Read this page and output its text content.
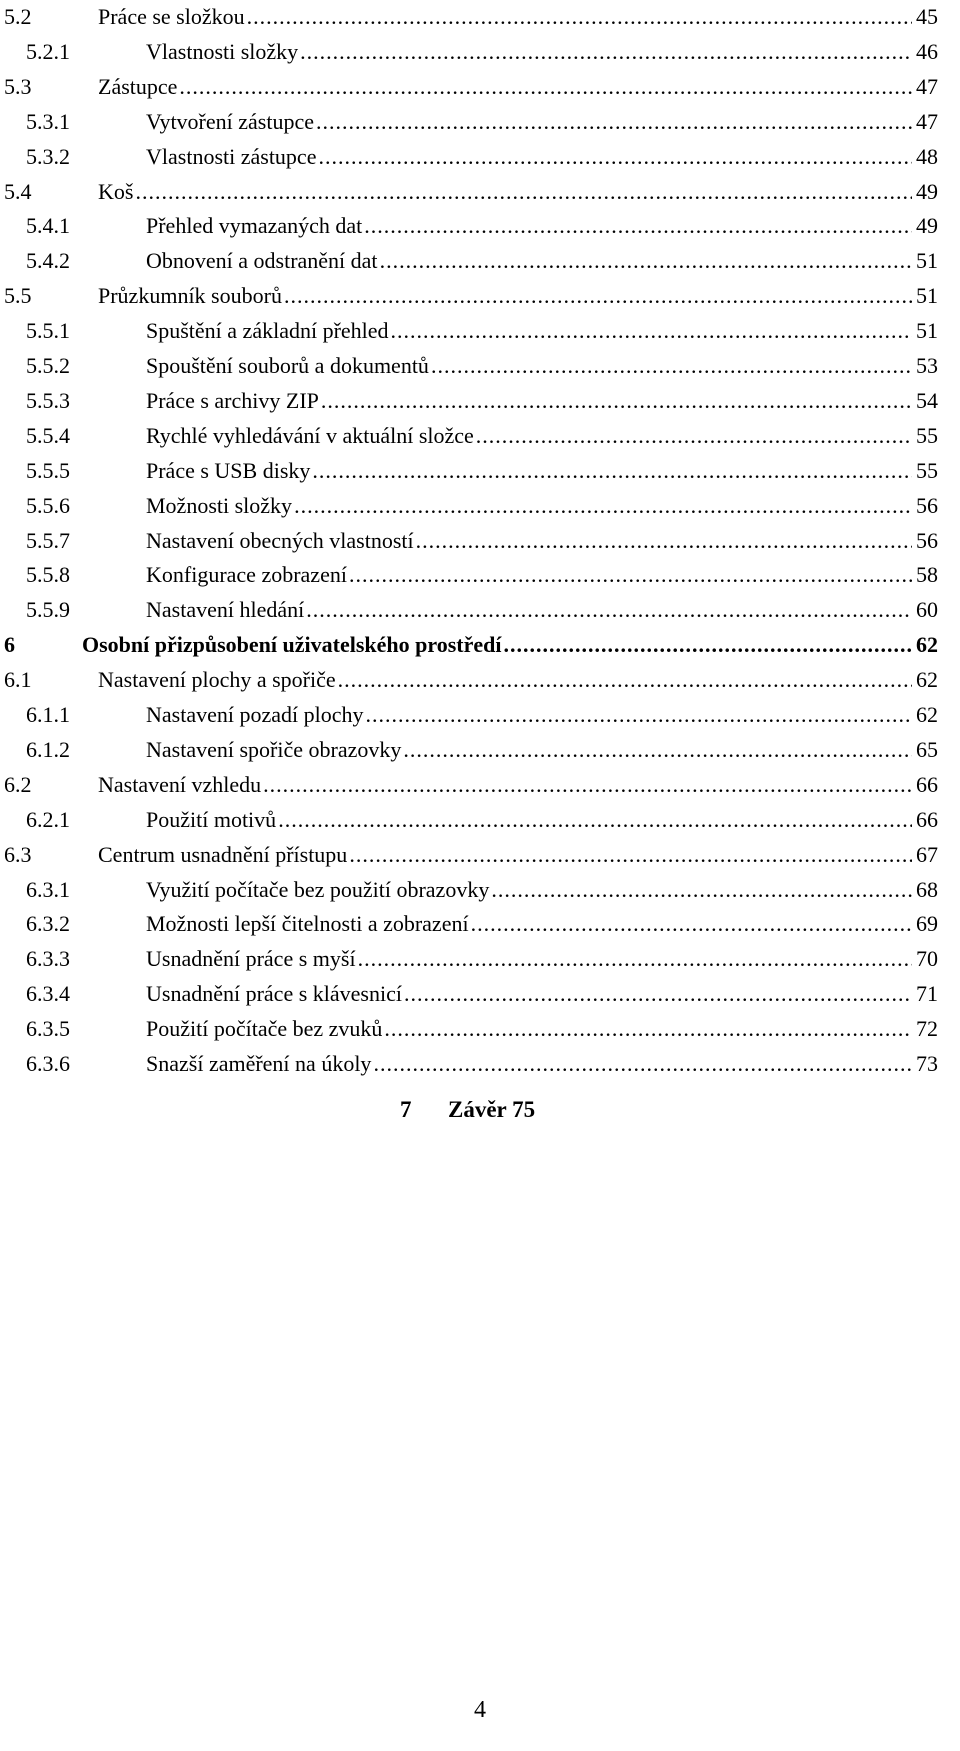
5.2	Práce se složkou .....	45
5.2.1	Vlastnosti složky .....	46
5.3	Zástupce .....	47
5.3.1	Vytvoření zástupce .....	47
5.3.2	Vlastnosti zástupce .....	48
5.4	Koš .....	49
5.4.1	Přehled vymazaných dat .....	49
5.4.2	Obnovení a odstranění dat .....	51
5.5	Průzkumník souborů .....	51
5.5.1	Spuštění a základní přehled .....	51
5.5.2	Spouštění souborů a dokumentů .....	53
5.5.3	Práce s archivy ZIP .....	54
5.5.4	Rychlé vyhledávání v aktuální složce .....	55
5.5.5	Práce s USB disky .....	55
5.5.6	Možnosti složky .....	56
5.5.7	Nastavení obecných vlastností .....	56
5.5.8	Konfigurace zobrazení .....	58
5.5.9	Nastavení hledání .....	60
6	Osobní přizpůsobení uživatelského prostředí .....	62
6.1	Nastavení plochy a spořiče .....	62
6.1.1	Nastavení pozadí plochy .....	62
6.1.2	Nastavení spořiče obrazovky .....	65
6.2	Nastavení vzhledu .....	66
6.2.1	Použití motivů .....	66
6.3	Centrum usnadnění přístupu .....	67
6.3.1	Využití počítače bez použití obrazovky .....	68
6.3.2	Možnosti lepší čitelnosti a zobrazení .....	69
6.3.3	Usnadnění práce s myší .....	70
6.3.4	Usnadnění práce s klávesnicí .....	71
6.3.5	Použití počítače bez zvuků .....	72
6.3.6	Snazší zaměření na úkoly .....	73
7 Závěr 75
4
